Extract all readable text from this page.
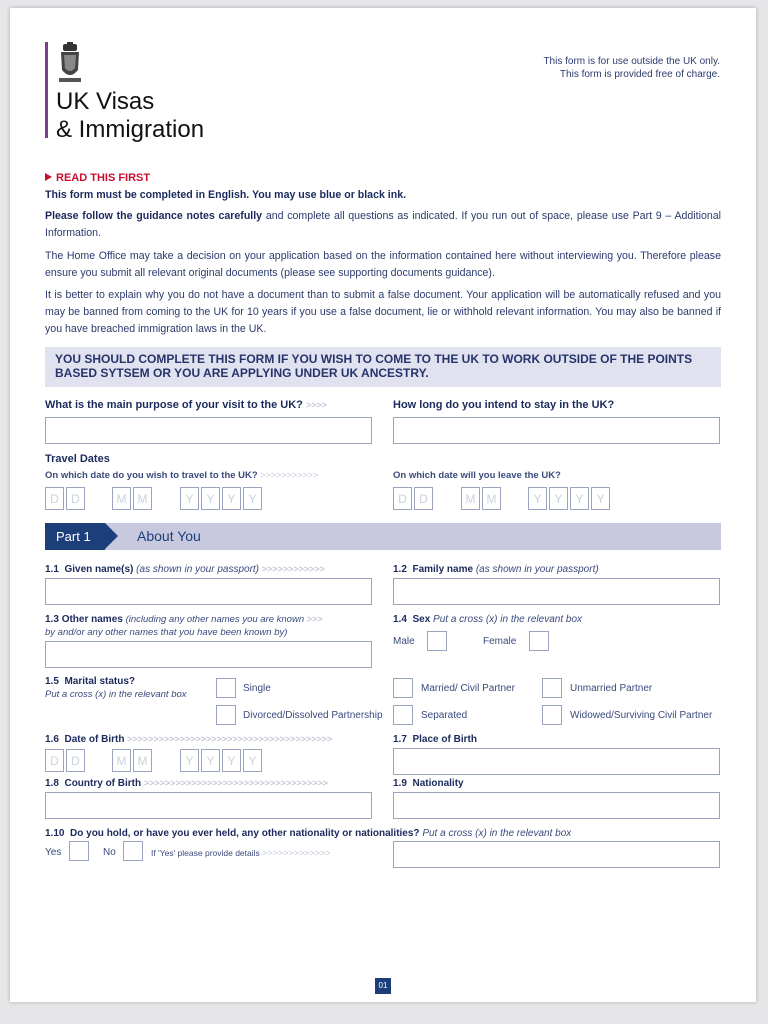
UK Visas
& Immigration
This form is for use outside the UK only.
This form is provided free of charge.
READ THIS FIRST
This form must be completed in English. You may use blue or black ink.
Please follow the guidance notes carefully and complete all questions as indicated. If you run out of space, please use Part 9 – Additional Information.
The Home Office may take a decision on your application based on the information contained here without interviewing you. Therefore please ensure you submit all relevant original documents (please see supporting documents guidance).
It is better to explain why you do not have a document than to submit a false document. Your application will be automatically refused and you may be banned from coming to the UK for 10 years if you use a false document, lie or withhold relevant information. You may also be banned if you have breached immigration laws in the UK.
YOU SHOULD COMPLETE THIS FORM IF YOU WISH TO COME TO THE UK TO WORK OUTSIDE OF THE POINTS BASED SYTSEM OR YOU ARE APPLYING UNDER UK ANCESTRY.
What is the main purpose of your visit to the UK? >>>>	How long do you intend to stay in the UK?
Travel Dates
On which date do you wish to travel to the UK? >>>>>>>>>>>	On which date will you leave the UK?
D	D	M M	Y	Y	Y	Y	D	D	M M	Y	Y	Y	Y
Part 1	About You
1.1 Given name(s) (as shown in your passport) >>>>>>>>>>>>	1.2 Family name (as shown in your passport)
1.3 Other names (including any other names you are known >>>
by and/or any other names that you have been known by)
1.4 Sex Put a cross (x) in the relevant box
Male	Female
1.5 Marital status?
Put a cross (x) in the relevant box
Single	Married/ Civil Partner	Unmarried Partner
Divorced/Dissolved Partnership	Separated	Widowed/Surviving Civil Partner
1.6 Date of Birth >>>>>>>>>>>>>>>>>>>>>>>>>>>>>>>>>>>>>>>
D	D	M M	Y	Y	Y	Y
1.7 Place of Birth
1.8 Country of Birth >>>>>>>>>>>>>>>>>>>>>>>>>>>>>>>>>>>	1.9 Nationality
1.10 Do you hold, or have you ever held, any other nationality or nationalities? Put a cross (x) in the relevant box
Yes	No	If 'Yes' please provide details >>>>>>>>>>>>>
01
